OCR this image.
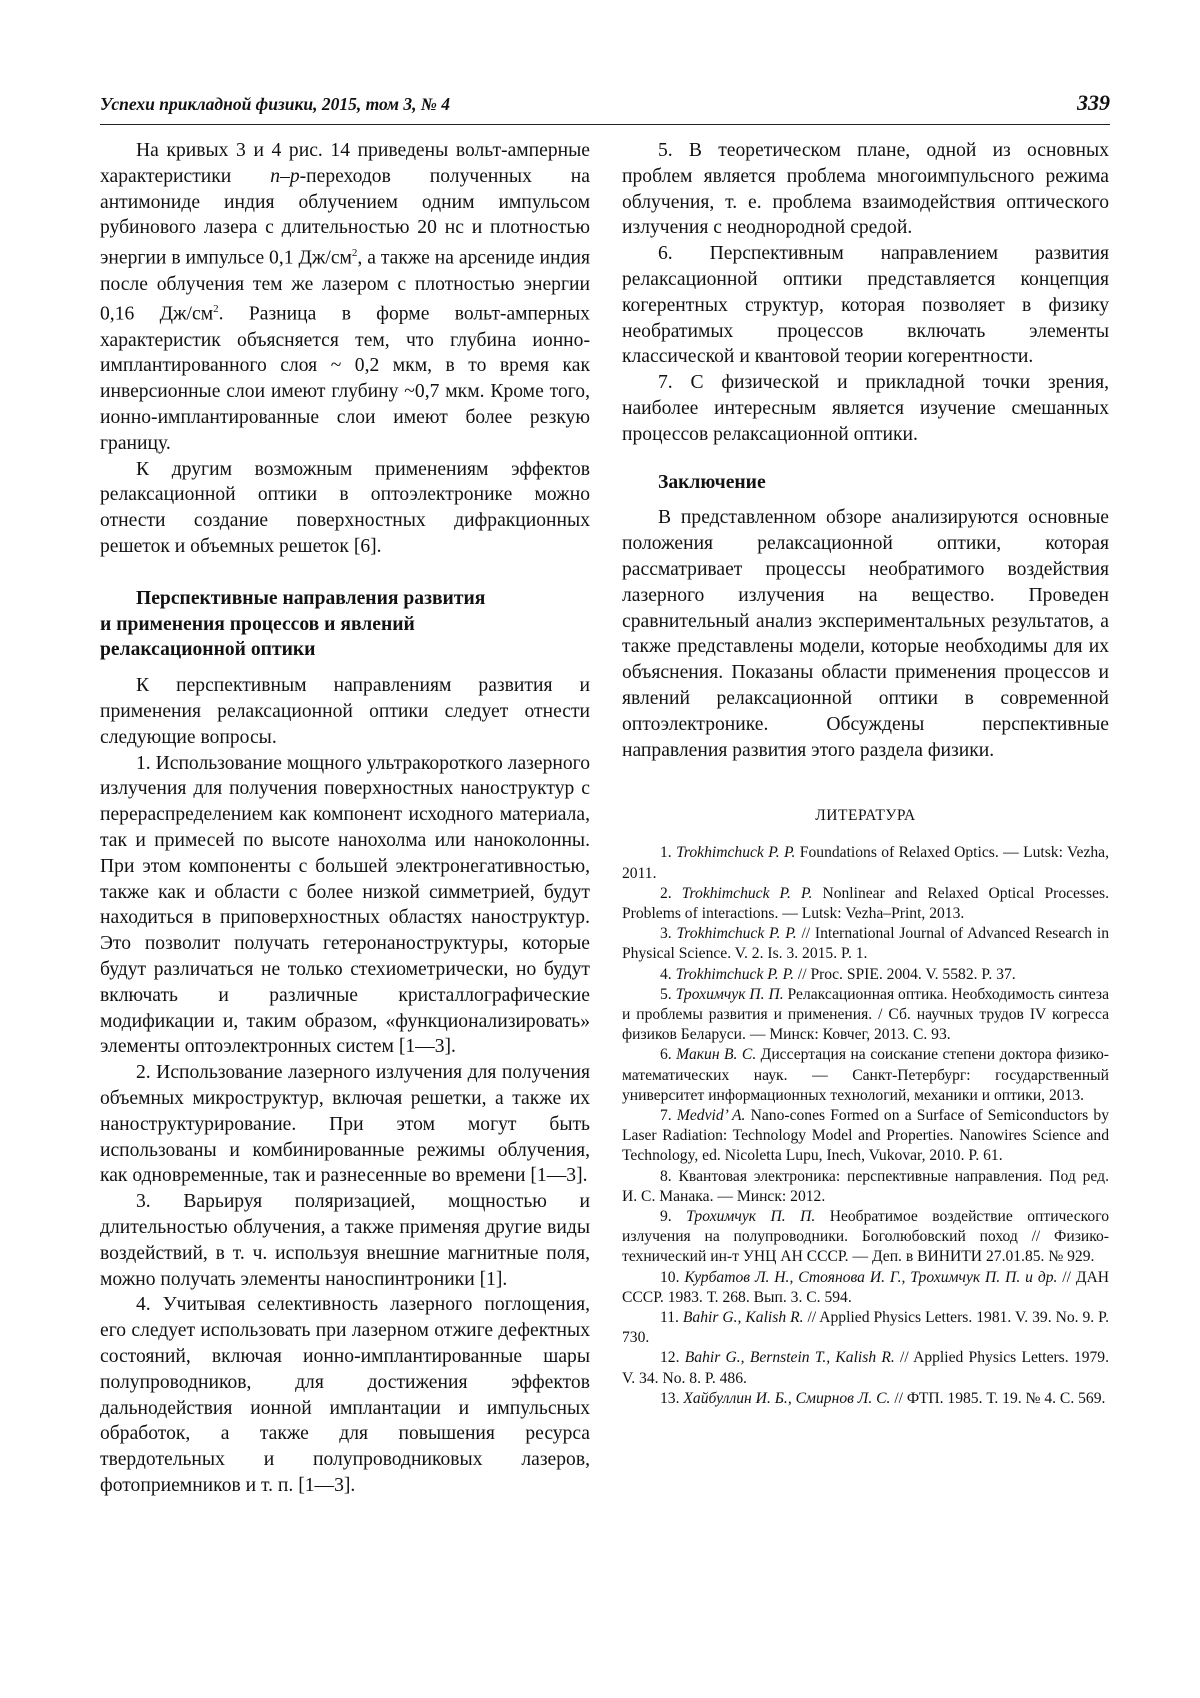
Успехи прикладной физики, 2015, том 3, № 4	339

На кривых 3 и 4 рис. 14 приведены вольт-амперные характеристики n–p-переходов полученных на антимониде индия облучением одним импульсом рубинового лазера с длительностью 20 нс и плотностью энергии в импульсе 0,1 $Дж/см^2$, а также на арсениде индия после облучения тем же лазером с плотностью энергии 0,16 $Дж/см^2$. Разница в форме вольт-амперных характеристик объясняется тем, что глубина ионно-имплантированного слоя ~ 0,2 мкм, в то время как инверсионные слои имеют глубину ~0,7 мкм. Кроме того, ионно-имплантированные слои имеют более резкую границу.

К другим возможным применениям эффектов релаксационной оптики в оптоэлектронике можно отнести создание поверхностных дифракционных решеток и объемных решеток [6].

Перспективные направления развития
и применения процессов и явлений
релаксационной оптики

К перспективным направлениям развития и применения релаксационной оптики следует отнести следующие вопросы.

1. Использование мощного ультракороткого лазерного излучения для получения поверхностных наноструктур с перераспределением как компонент исходного материала, так и примесей по высоте нанохолма или наноколонны. При этом компоненты с большей электронегативностью, также как и области с более низкой симметрией, будут находиться в приповерхностных областях наноструктур. Это позволит получать гетеронаноструктуры, которые будут различаться не только стехиометрически, но будут включать и различные кристаллографические модификации и, таким образом, «функционализировать» элементы оптоэлектронных систем [1—3].

2. Использование лазерного излучения для получения объемных микроструктур, включая решетки, а также их наноструктурирование. При этом могут быть использованы и комбинированные режимы облучения, как одновременные, так и разнесенные во времени [1—3].

3. Варьируя поляризацией, мощностью и длительностью облучения, а также применяя другие виды воздействий, в т. ч. используя внешние магнитные поля, можно получать элементы наноспинтроники [1].

4. Учитывая селективность лазерного поглощения, его следует использовать при лазерном отжиге дефектных состояний, включая ионно-имплантированные шары полупроводников, для достижения эффектов дальнодействия ионной имплантации и импульсных обработок, а также для повышения ресурса твердотельных и полупроводниковых лазеров, фотоприемников и т. п. [1—3].

5. В теоретическом плане, одной из основных проблем является проблема многоимпульсного режима облучения, т. е. проблема взаимодействия оптического излучения с неоднородной средой.

6. Перспективным направлением развития релаксационной оптики представляется концепция когерентных структур, которая позволяет в физику необратимых процессов включать элементы классической и квантовой теории когерентности.

7. С физической и прикладной точки зрения, наиболее интересным является изучение смешанных процессов релаксационной оптики.

Заключение

В представленном обзоре анализируются основные положения релаксационной оптики, которая рассматривает процессы необратимого воздействия лазерного излучения на вещество. Проведен сравнительный анализ экспериментальных результатов, а также представлены модели, которые необходимы для их объяснения. Показаны области применения процессов и явлений релаксационной оптики в современной оптоэлектронике. Обсуждены перспективные направления развития этого раздела физики.

ЛИТЕРАТУРА

1. Trokhimchuck P. P. Foundations of Relaxed Optics. — Lutsk: Vezha, 2011.

2. Trokhimchuck P. P. Nonlinear and Relaxed Optical Processes. Problems of interactions. — Lutsk: Vezha–Print, 2013.

3. Trokhimchuck P. P. // International Journal of Advanced Research in Physical Science. V. 2. Is. 3. 2015. P. 1.

4. Trokhimchuck P. P. // Proc. SPIE. 2004. V. 5582. P. 37.

5. Трохимчук П. П. Релаксационная оптика. Необходимость синтеза и проблемы развития и применения. / Сб. научных трудов IV когресса физиков Беларуси. — Минск: Ковчег, 2013. С. 93.

6. Макин В. С. Диссертация на соискание степени доктора физико-математических наук. — Санкт-Петербург: государственный университет информационных технологий, механики и оптики, 2013.

7. Medvid’ A. Nano-cones Formed on a Surface of Semiconductors by Laser Radiation: Technology Model and Properties. Nanowires Science and Technology, ed. Nicoletta Lupu, Inech, Vukovar, 2010. P. 61.

8. Квантовая электроника: перспективные направления. Под ред. И. С. Манака. — Минск: 2012.

9. Трохимчук П. П. Необратимое воздействие оптического излучения на полупроводники. Боголюбовский поход // Физико-технический ин-т УНЦ АН СССР. — Деп. в ВИНИТИ 27.01.85. № 929.

10. Курбатов Л. Н., Стоянова И. Г., Трохимчук П. П. и др. // ДАН СССР. 1983. Т. 268. Вып. 3. С. 594.

11. Bahir G., Kalish R. // Applied Physics Letters. 1981. V. 39. No. 9. P. 730.

12. Bahir G., Bernstein T., Kalish R. // Applied Physics Letters. 1979. V. 34. No. 8. P. 486.

13. Хайбуллин И. Б., Смирнов Л. С. // ФТП. 1985. Т. 19. № 4. С. 569.
